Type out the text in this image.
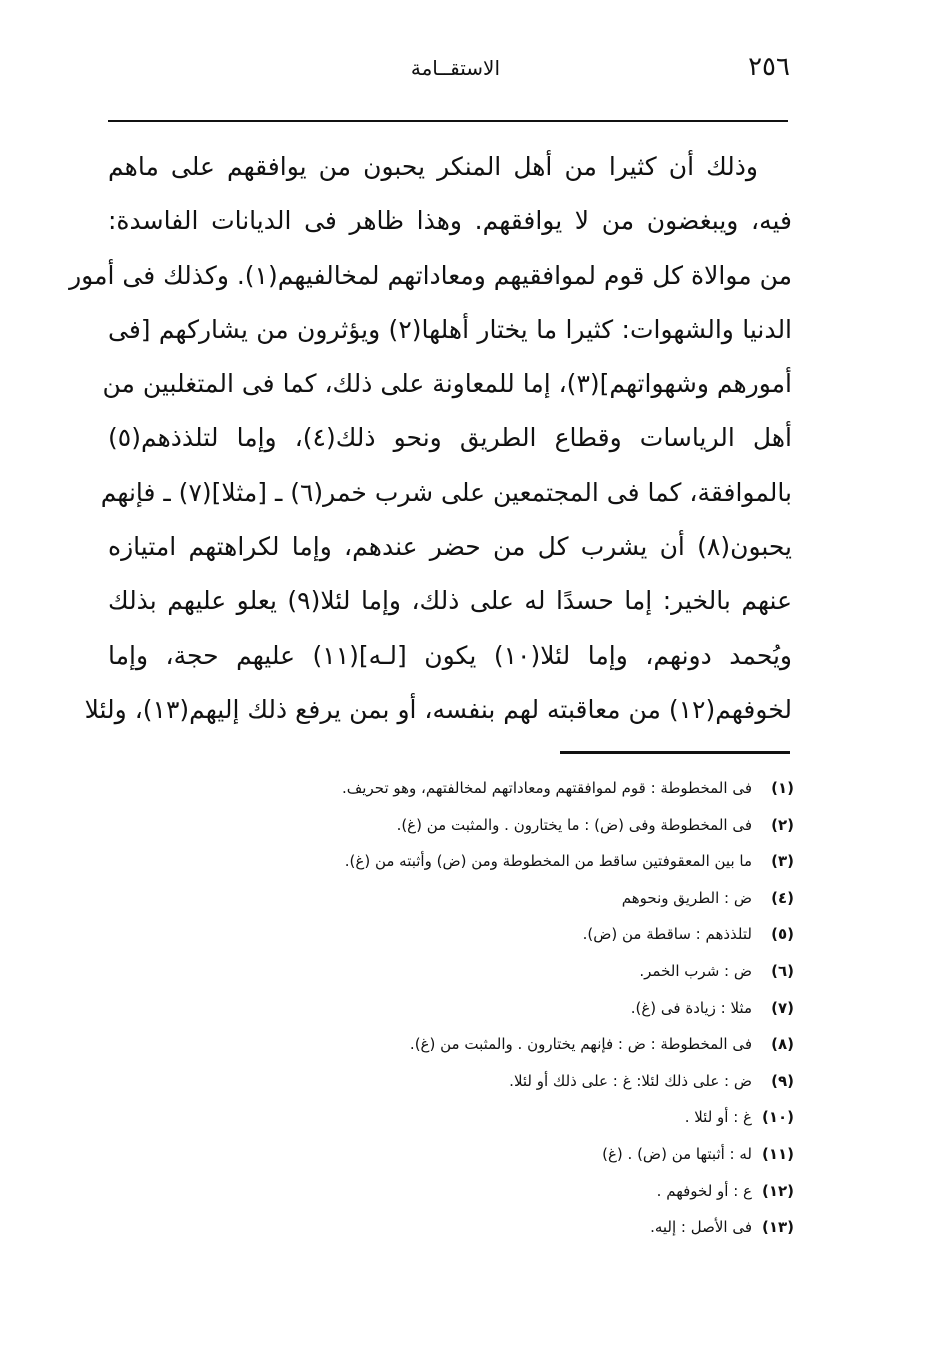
٢٥٦
الاستقــامة
وذلك أن كثيرا من أهل المنكر يحبون من يوافقهم على ماهم
فيه، ويبغضون من لا يوافقهم. وهذا ظاهر فى الديانات الفاسدة:
من موالاة كل قوم لموافقيهم ومعاداتهم لمخالفيهم(١). وكذلك فى أمور
الدنيا والشهوات: كثيرا ما يختار أهلها(٢) ويؤثرون من يشاركهم [فى
أمورهم وشهواتهم](٣)، إما للمعاونة على ذلك، كما فى المتغلبين من
أهل الرياسات وقطاع الطريق ونحو ذلك(٤)، وإما لتلذذهم(٥)
بالموافقة، كما فى المجتمعين على شرب خمر(٦) ـ [مثلا](٧) ـ فإنهم
يحبون(٨) أن يشرب كل من حضر عندهم، وإما لكراهتهم امتيازه
عنهم بالخير: إما حسدًا له على ذلك، وإما لئلا(٩) يعلو عليهم بذلك
ويُحمد دونهم، وإما لئلا(١٠) يكون [لـه](١١) عليهم حجة، وإما
لخوفهم(١٢) من معاقبته لهم بنفسه، أو بمن يرفع ذلك إليهم(١٣)، ولئلا
(١)
فى المخطوطة : قوم لموافقتهم ومعاداتهم لمخالفتهم، وهو تحريف.
(٢)
فى المخطوطة وفى (ض) : ما يختارون . والمثبت من (غ).
(٣)
ما بين المعقوفتين ساقط من المخطوطة ومن (ض) وأثبته من (غ).
(٤)
ض : الطريق ونحوهم
(٥)
لتلذذهم : ساقطة من (ض).
(٦)
ض : شرب الخمر.
(٧)
مثلا : زيادة فى (غ).
(٨)
فى المخطوطة : ض : فإنهم يختارون . والمثبت من (غ).
(٩)
ض : على ذلك لئلا: غ : على ذلك أو لئلا.
(١٠)
غ : أو لئلا .
(١١)
له : أثبتها من (ض) . (غ)
(١٢)
ع : أو لخوفهم .
(١٣)
فى الأصل : إليه.
